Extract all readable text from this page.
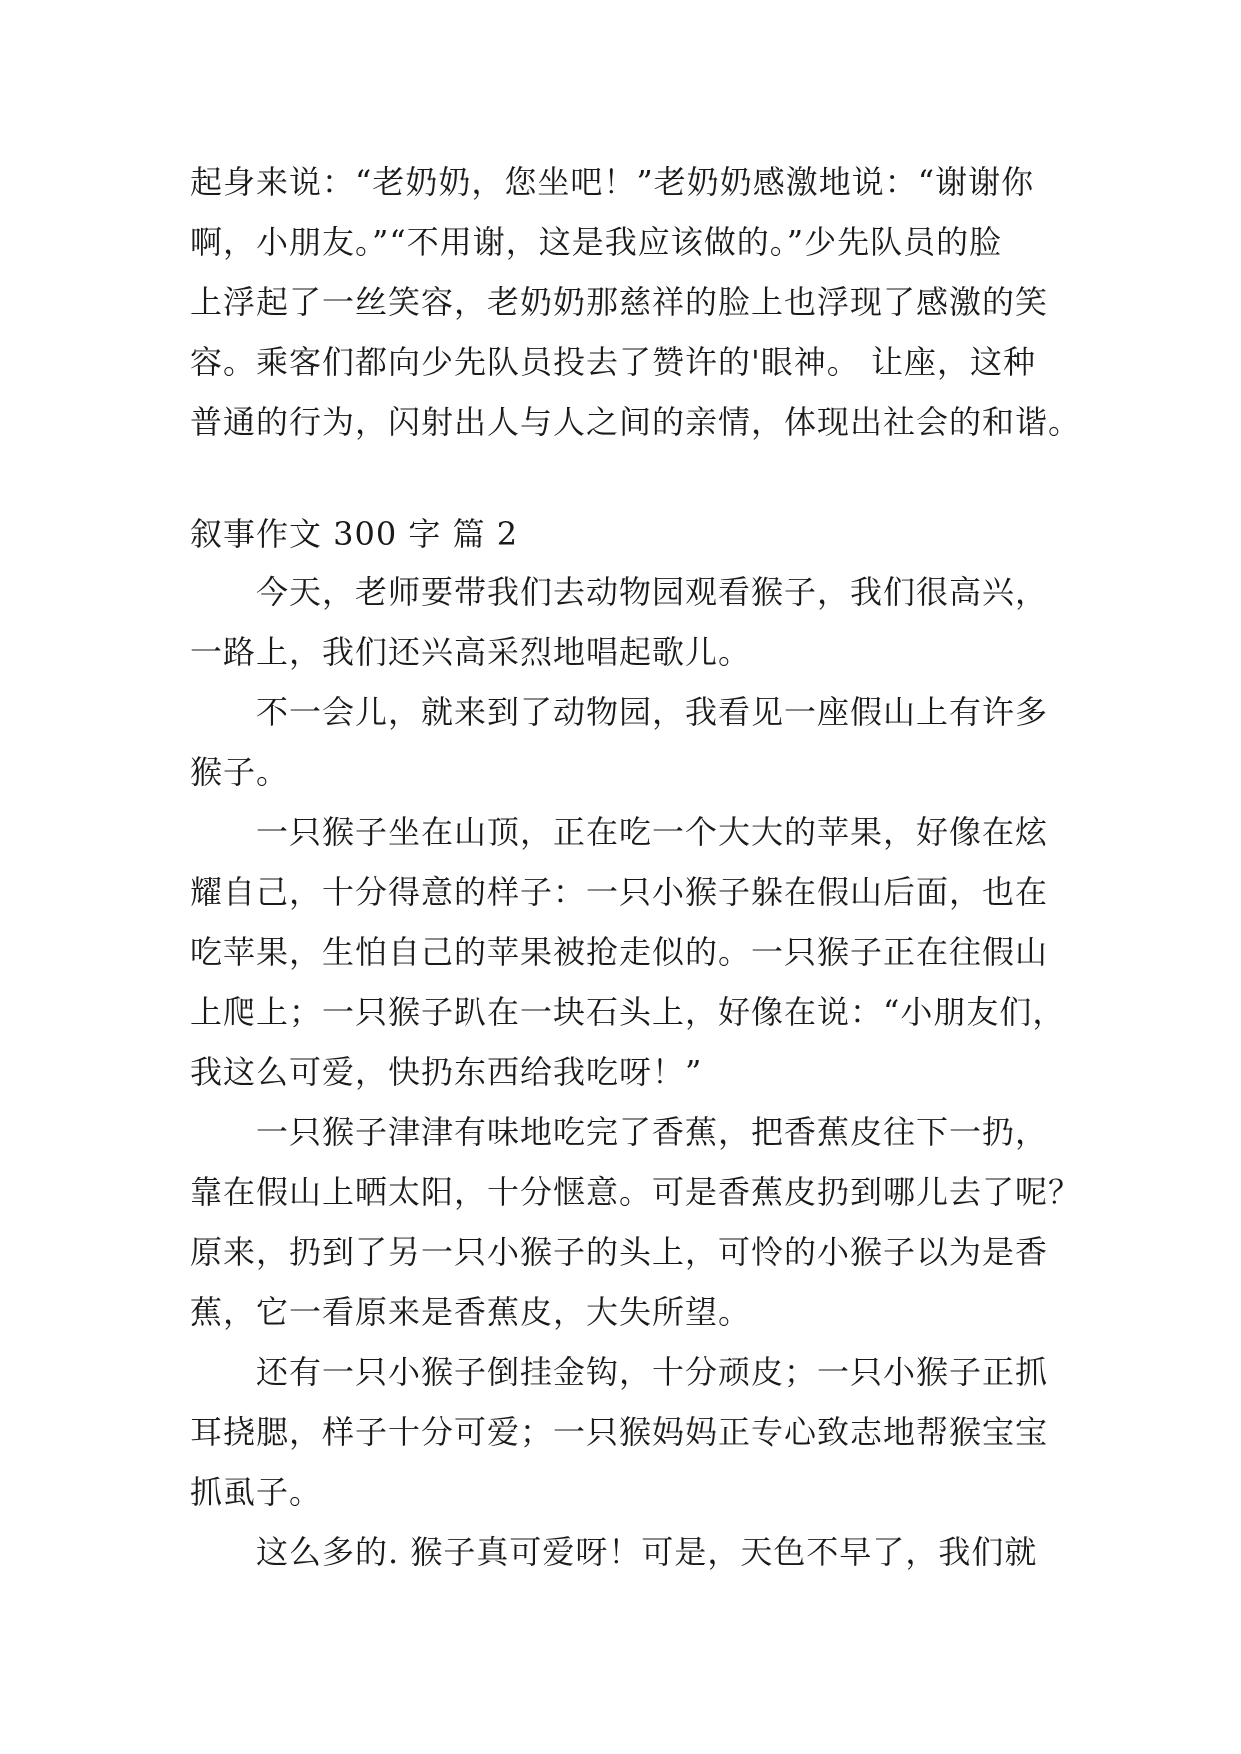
起身来说：“老奶奶，您坐吧！”老奶奶感激地说：“谢谢你
啊，小朋友。”“不用谢，这是我应该做的。”少先队员的脸
上浮起了一丝笑容，老奶奶那慈祥的脸上也浮现了感激的笑
容。乘客们都向少先队员投去了赞许的'眼神。 让座，这种
普通的行为，闪射出人与人之间的亲情，体现出社会的和谐。
叙事作文 300 字 篇 2
今天，老师要带我们去动物园观看猴子，我们很高兴，
一路上，我们还兴高采烈地唱起歌儿。
不一会儿，就来到了动物园，我看见一座假山上有许多
猴子。
一只猴子坐在山顶，正在吃一个大大的苹果，好像在炫
耀自己，十分得意的样子：一只小猴子躲在假山后面，也在
吃苹果，生怕自己的苹果被抢走似的。一只猴子正在往假山
上爬上；一只猴子趴在一块石头上，好像在说：“小朋友们，
我这么可爱，快扔东西给我吃呀！”
一只猴子津津有味地吃完了香蕉，把香蕉皮往下一扔，
靠在假山上晒太阳，十分惬意。可是香蕉皮扔到哪儿去了呢？
原来，扔到了另一只小猴子的头上，可怜的小猴子以为是香
蕉，它一看原来是香蕉皮，大失所望。
还有一只小猴子倒挂金钩，十分顽皮；一只小猴子正抓
耳挠腮，样子十分可爱；一只猴妈妈正专心致志地帮猴宝宝
抓虱子。
这么多的. 猴子真可爱呀！可是，天色不早了，我们就
